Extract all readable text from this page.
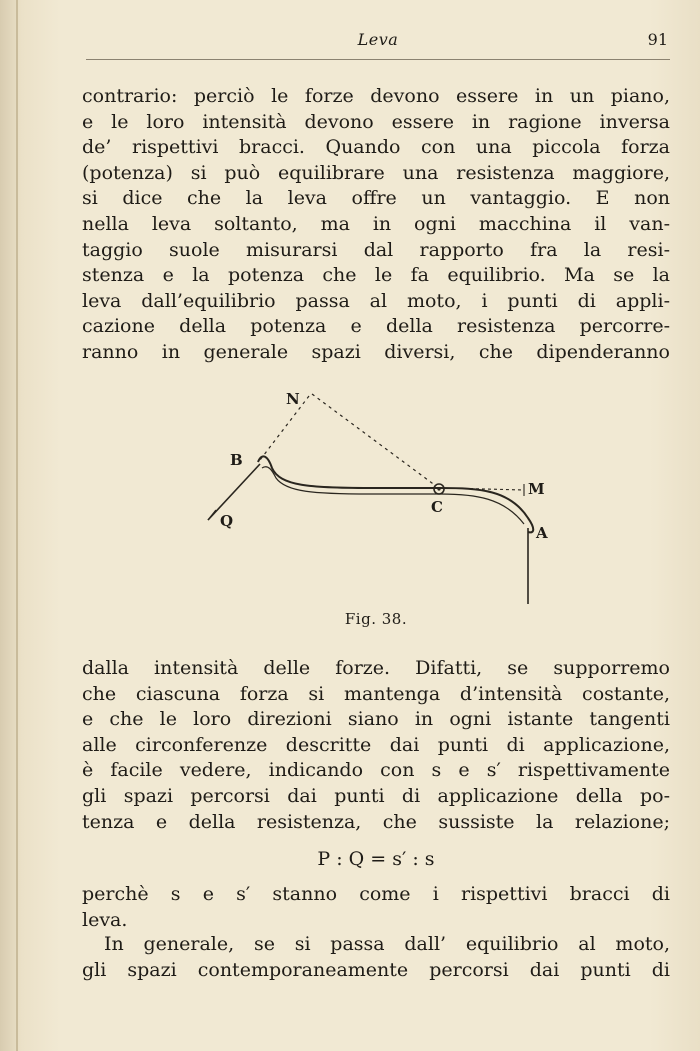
Leva	91
contrario: perciò le forze devono essere in un piano,
e le loro intensità devono essere in ragione inversa
de’ rispettivi bracci. Quando con una piccola forza
(potenza) si può equilibrare una resistenza maggiore,
si dice che la leva offre un vantaggio. E non
nella leva soltanto, ma in ogni macchina il van-
taggio suole misurarsi dal rapporto fra la resi-
stenza e la potenza che le fa equilibrio. Ma se la
leva dall’equilibrio passa al moto, i punti di appli-
cazione della potenza e della resistenza percorre-
ranno in generale spazi diversi, che dipenderanno
N
B
Q
C
M
A
Fig. 38.
dalla intensità delle forze. Difatti, se supporremo
che ciascuna forza si mantenga d’intensità costante,
e che le loro direzioni siano in ogni istante tangenti
alle circonferenze descritte dai punti di applicazione,
è facile vedere, indicando con s e s′ rispettivamente
gli spazi percorsi dai punti di applicazione della po-
tenza e della resistenza, che sussiste la relazione;
P : Q = s′ : s
perchè s e s′ stanno come i rispettivi bracci di
leva.
In generale, se si passa dall’ equilibrio al moto,
gli spazi contemporaneamente percorsi dai punti di
